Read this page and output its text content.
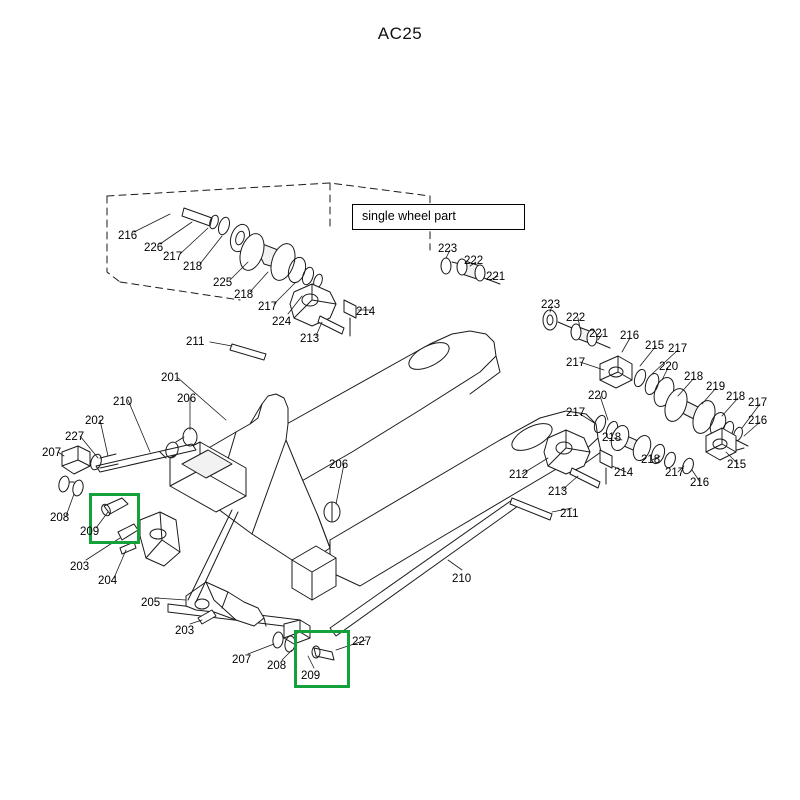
AC25
single wheel part
216
226
217
218
225
218
217
224
213
214
223
222
221
223
222
221 216
215 217
217	220
218
219
218 217
216
220
217
218
218
217
216
215
214
213
212
211
201
210	206
202
227
207
206
208
209
203
204
205
203
207 208
209
227
211
210
